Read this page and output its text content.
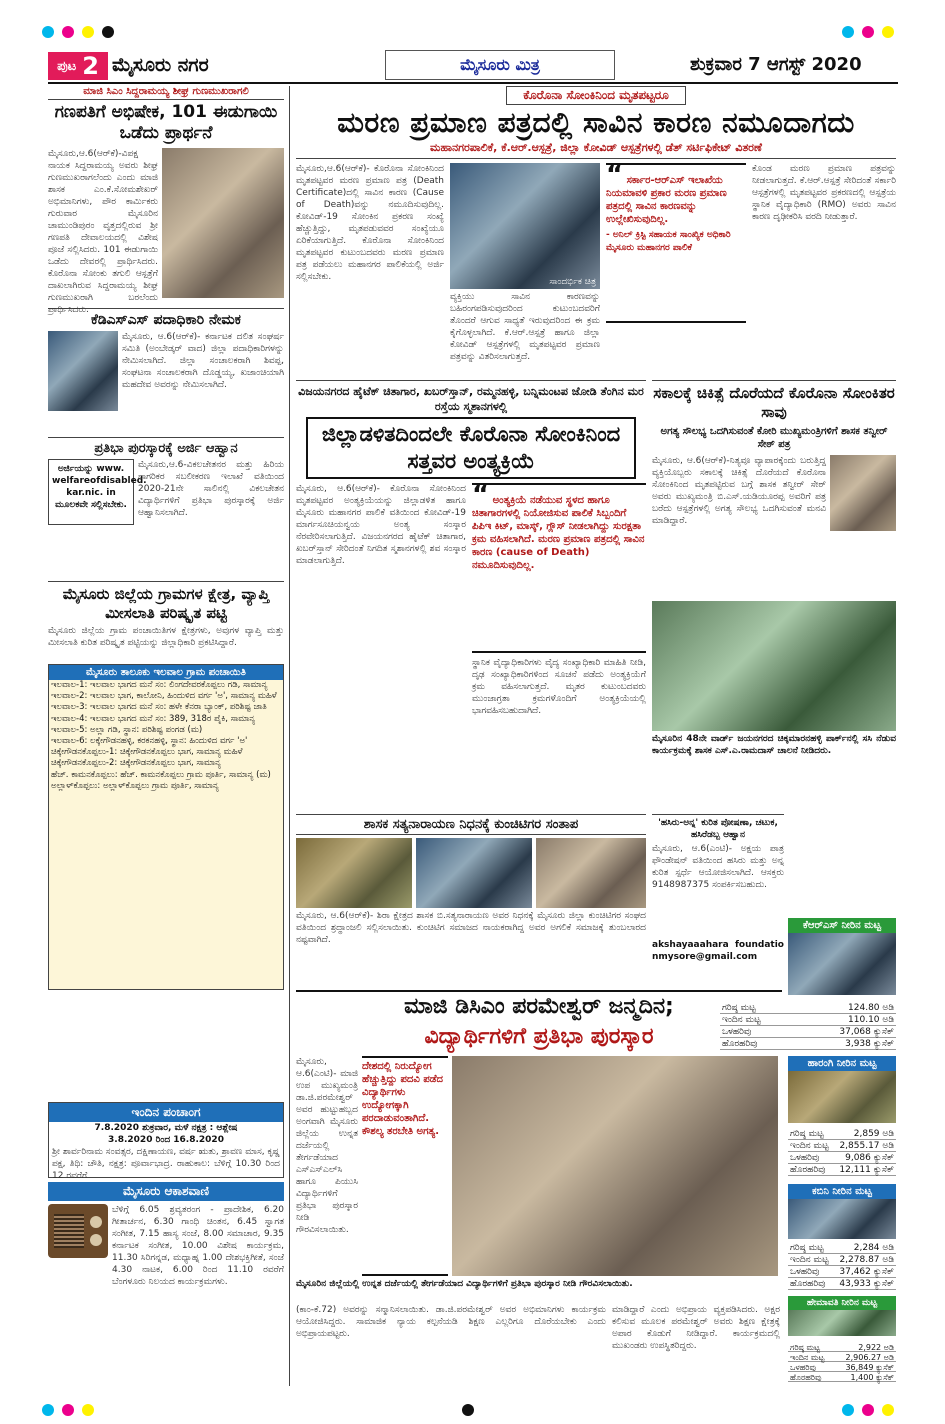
ಪುಟ 2 ಮೈಸೂರು ನಗರ	ಮೈಸೂರು ಮಿತ್ರ	ಶುಕ್ರವಾರ 7 ಆಗಸ್ಟ್ 2020
ಮಾಜಿ ಸಿಎಂ ಸಿದ್ದರಾಮಯ್ಯ ಶೀಘ್ರ ಗುಣಮುಖರಾಗಲಿ
ಗಣಪತಿಗೆ ಅಭಿಷೇಕ, 101 ಈಡುಗಾಯಿ ಒಡೆದು ಪ್ರಾರ್ಥನೆ
ಮೈಸೂರು,ಆ.6(ಆರ್‌ಕೆ)-ವಿಪಕ್ಷ ನಾಯಕ ಸಿದ್ದರಾಮಯ್ಯ ಅವರು ಶೀಘ್ರ ಗುಣಮುಖರಾಗಲೆಂದು ಎಂದು ಮಾಜಿ ಶಾಸಕ ಎಂ.ಕೆ.ಸೋಮಶೇಖರ್ ಅಭಿಮಾನಿಗಳು, ಪೌರ ಕಾರ್ಮಿಕರು ಗುರುವಾರ ಮೈಸೂರಿನ ಚಾಮುಂಡಿಪುರಂ ವೃತ್ತದಲ್ಲಿರುವ ಶ್ರೀ ಗಣಪತಿ ದೇವಾಲಯದಲ್ಲಿ ವಿಶೇಷ ಪೂಜೆ ಸಲ್ಲಿಸಿದರು. 101 ಈಡುಗಾಯಿ ಒಡೆದು ದೇವರಲ್ಲಿ ಪ್ರಾರ್ಥಿಸಿದರು. ಕೊರೊನಾ ಸೋಂಕು ತಗುಲಿ ಆಸ್ಪತ್ರೆಗೆ ದಾಖಲಾಗಿರುವ ಸಿದ್ದರಾಮಯ್ಯ ಶೀಘ್ರ ಗುಣಮುಖರಾಗಿ ಬರಲೆಂದು ಪ್ರಾರ್ಥಿಸಿದರು.
ಕೆಡಿಎಸ್‌ಎಸ್ ಪದಾಧಿಕಾರಿ ನೇಮಕ
ಮೈಸೂರು, ಆ.6(ಆರ್‌ಕೆ)- ಕರ್ನಾಟಕ ದಲಿತ ಸಂಘರ್ಷ ಸಮಿತಿ (ಅಂಬೇಡ್ಕರ್ ವಾದ) ಜಿಲ್ಲಾ ಪದಾಧಿಕಾರಿಗಳನ್ನು ನೇಮಿಸಲಾಗಿದೆ. ಜಿಲ್ಲಾ ಸಂಚಾಲಕರಾಗಿ ಶಿವಪ್ಪ, ಸಂಘಟನಾ ಸಂಚಾಲಕರಾಗಿ ದೊಡ್ಡಯ್ಯ, ಖಜಾಂಚಿಯಾಗಿ ಮಹದೇವ ಅವರನ್ನು ನೇಮಿಸಲಾಗಿದೆ.
ಪ್ರತಿಭಾ ಪುರಸ್ಕಾರಕ್ಕೆ ಅರ್ಜಿ ಆಹ್ವಾನ
ಅರ್ಜಿಯನ್ನು www. welfareofdisabled. kar.nic. in ಮೂಲಕವೇ ಸಲ್ಲಿಸಬೇಕು.
ಮೈಸೂರು,ಆ.6-ವಿಕಲಚೇತನರ ಮತ್ತು ಹಿರಿಯ ನಾಗರಿಕರ ಸಬಲೀಕರಣ ಇಲಾಖೆ ವತಿಯಿಂದ 2020-21ನೇ ಸಾಲಿನಲ್ಲಿ ವಿಕಲಚೇತನ ವಿದ್ಯಾರ್ಥಿಗಳಿಗೆ ಪ್ರತಿಭಾ ಪುರಸ್ಕಾರಕ್ಕೆ ಅರ್ಜಿ ಆಹ್ವಾನಿಸಲಾಗಿದೆ.
ಮೈಸೂರು ಜಿಲ್ಲೆಯ ಗ್ರಾಮಗಳ ಕ್ಷೇತ್ರ, ವ್ಯಾಪ್ತಿ ಮೀಸಲಾತಿ ಪರಿಷ್ಕೃತ ಪಟ್ಟಿ
ಮೈಸೂರು ಜಿಲ್ಲೆಯ ಗ್ರಾಮ ಪಂಚಾಯಿತಿಗಳ ಕ್ಷೇತ್ರಗಳು, ಅವುಗಳ ವ್ಯಾಪ್ತಿ ಮತ್ತು ಮೀಸಲಾತಿ ಕುರಿತ ಪರಿಷ್ಕೃತ ಪಟ್ಟಿಯನ್ನು ಜಿಲ್ಲಾಧಿಕಾರಿ ಪ್ರಕಟಿಸಿದ್ದಾರೆ.
ಮೈಸೂರು ತಾಲೂಕು ಇಲವಾಲ ಗ್ರಾಮ ಪಂಚಾಯಿತಿ
ಇಲವಾಲ-1: ಇಲವಾಲ ಭಾಗದ ಮನೆ ಸಂ: ಲಿಂಗದೇವರಕೊಪ್ಪಲು ಗಡಿ, ಸಾಮಾನ್ಯ
ಇಲವಾಲ-2: ಇಲವಾಲ ಭಾಗ, ಕಾಲೋನಿ, ಹಿಂದುಳಿದ ವರ್ಗ 'ಅ', ಸಾಮಾನ್ಯ ಮಹಿಳೆ
ಇಲವಾಲ-3: ಇಲವಾಲ ಭಾಗದ ಮನೆ ಸಂ: ಹಳೇ ಕೆನರಾ ಬ್ಯಾಂಕ್, ಪರಿಶಿಷ್ಟ ಜಾತಿ
ಇಲವಾಲ-4: ಇಲವಾಲ ಭಾಗದ ಮನೆ ಸಂ: 389, 318ರ ಪೈಕಿ, ಸಾಮಾನ್ಯ
ಇಲವಾಲ-5: ಅಲ್ಲಾ ಗಡಿ, ಸ್ಥಾನ: ಪರಿಶಿಷ್ಟ ಪಂಗಡ (ಮ)
ಇಲವಾಲ-6: ಲಕ್ಕೇಗೌಡನಹಳ್ಳಿ, ಕರಕನಹಳ್ಳಿ, ಸ್ಥಾನ: ಹಿಂದುಳಿದ ವರ್ಗ 'ಅ'
ಚಿಕ್ಕೇಗೌಡನಕೊಪ್ಪಲು-1: ಚಿಕ್ಕೇಗೌಡನಕೊಪ್ಪಲು ಭಾಗ, ಸಾಮಾನ್ಯ ಮಹಿಳೆ
ಚಿಕ್ಕೇಗೌಡನಕೊಪ್ಪಲು-2: ಚಿಕ್ಕೇಗೌಡನಕೊಪ್ಪಲು ಭಾಗ, ಸಾಮಾನ್ಯ
ಹೆಚ್. ಕಾಮನಕೊಪ್ಪಲು: ಹೆಚ್. ಕಾಮನಕೊಪ್ಪಲು ಗ್ರಾಮ ಪೂರ್ತಿ, ಸಾಮಾನ್ಯ (ಮ)
ಅಲ್ಲಾಳ್‌ಕೊಪ್ಪಲು: ಅಲ್ಲಾಳ್‌ಕೊಪ್ಪಲು ಗ್ರಾಮ ಪೂರ್ತಿ, ಸಾಮಾನ್ಯ
ಇಂದಿನ ಪಂಚಾಂಗ
7.8.2020 ಶುಕ್ರವಾರ, ಮಳೆ ನಕ್ಷತ್ರ : ಆಶ್ಲೇಷ
3.8.2020 ರಿಂದ 16.8.2020
ಶ್ರೀ ಶಾರ್ವರಿನಾಮ ಸಂವತ್ಸರ, ದಕ್ಷಿಣಾಯಣ, ವರ್ಷ ಋತು, ಶ್ರಾವಣ ಮಾಸ, ಕೃಷ್ಣ ಪಕ್ಷ, ತಿಥಿ: ಚೌತಿ, ನಕ್ಷತ್ರ: ಪೂರ್ವಾಭಾದ್ರ. ರಾಹುಕಾಲ: ಬೆಳಿಗ್ಗೆ 10.30 ರಿಂದ 12 ರವರೆಗೆ
ಮೈಸೂರು ಆಕಾಶವಾಣಿ
ಬೆಳಿಗ್ಗೆ 6.05 ಶ್ರವ್ಯತರಂಗ - ಪ್ರಾದೇಶಿಕ, 6.20 ಗೀತಾರ್ಚನ, 6.30 ಗಾಂಧಿ ಚಿಂತನ, 6.45 ಸ್ವಾಗತ ಸಂಗೀತ, 7.15 ಹಾಸ್ಯ ಸಂಜೆ, 8.00 ಸಮಾಚಾರ, 9.35 ಕರ್ನಾಟಕ ಸಂಗೀತ, 10.00 ವಿಶೇಷ ಕಾರ್ಯಕ್ರಮ, 11.30 ಸಿರಿಗನ್ನಡ, ಮಧ್ಯಾಹ್ನ 1.00 ದೇಶಭಕ್ತಿಗೀತೆ, ಸಂಜೆ 4.30 ನಾಟಕ, 6.00 ರಿಂದ 11.10 ರವರೆಗೆ ಬೆಂಗಳೂರು ನಿಲಯದ ಕಾರ್ಯಕ್ರಮಗಳು.
ಕೊರೊನಾ ಸೋಂಕಿನಿಂದ ಮೃತಪಟ್ಟರೂ
ಮರಣ ಪ್ರಮಾಣ ಪತ್ರದಲ್ಲಿ ಸಾವಿನ ಕಾರಣ ನಮೂದಾಗದು
ಮಹಾನಗರಪಾಲಿಕೆ, ಕೆ.ಆರ್.ಆಸ್ಪತ್ರೆ, ಜಿಲ್ಲಾ ಕೋವಿಡ್ ಆಸ್ಪತ್ರೆಗಳಲ್ಲಿ ಡೆತ್ ಸರ್ಟಿಫಿಕೇಟ್ ವಿತರಣೆ
ಮೈಸೂರು,ಆ.6(ಆರ್‌ಕೆ)- ಕೊರೊನಾ ಸೋಂಕಿನಿಂದ ಮೃತಪಟ್ಟವರ ಮರಣ ಪ್ರಮಾಣ ಪತ್ರ (Death Certificate)ದಲ್ಲಿ ಸಾವಿನ ಕಾರಣ (Cause of Death)ವನ್ನು ನಮೂದಿಸುವುದಿಲ್ಲ. ಕೋವಿಡ್-19 ಸೋಂಕಿನ ಪ್ರಕರಣ ಸಂಖ್ಯೆ ಹೆಚ್ಚುತ್ತಿದ್ದು, ಮೃತಪಡುವವರ ಸಂಖ್ಯೆಯೂ ಏರಿಕೆಯಾಗುತ್ತಿದೆ. ಕೊರೊನಾ ಸೋಂಕಿನಿಂದ ಮೃತಪಟ್ಟವರ ಕುಟುಂಬದವರು ಮರಣ ಪ್ರಮಾಣ ಪತ್ರ ಪಡೆಯಲು ಮಹಾನಗರ ಪಾಲಿಕೆಯಲ್ಲಿ ಅರ್ಜಿ ಸಲ್ಲಿಸಬೇಕು.	ಸಾಂದರ್ಭಿಕ ಚಿತ್ರ
ವ್ಯಕ್ತಿಯು ಸಾವಿನ ಕಾರಣವನ್ನು ಬಹಿರಂಗಪಡಿಸುವುದರಿಂದ ಕುಟುಂಬದವರಿಗೆ ತೊಂದರೆ ಆಗುವ ಸಾಧ್ಯತೆ ಇರುವುದರಿಂದ ಈ ಕ್ರಮ ಕೈಗೊಳ್ಳಲಾಗಿದೆ. ಕೆ.ಆರ್.ಆಸ್ಪತ್ರೆ ಹಾಗೂ ಜಿಲ್ಲಾ ಕೋವಿಡ್ ಆಸ್ಪತ್ರೆಗಳಲ್ಲಿ ಮೃತಪಟ್ಟವರ ಪ್ರಮಾಣ ಪತ್ರವನ್ನು ವಿತರಿಸಲಾಗುತ್ತದೆ.
“ ಸರ್ಕಾರ-ಆರ್‌ಎಸ್ ಇಲಾಖೆಯ ನಿಯಮಾವಳಿ ಪ್ರಕಾರ ಮರಣ ಪ್ರಮಾಣ ಪತ್ರದಲ್ಲಿ ಸಾವಿನ ಕಾರಣವನ್ನು ಉಲ್ಲೇಖಿಸುವುದಿಲ್ಲ.
- ಅನಿಲ್ ಕ್ರಿಸ್ಟಿ ಸಹಾಯಕ ಸಾಂಖ್ಯಿಕ ಅಧಿಕಾರಿ ಮೈಸೂರು ಮಹಾನಗರ ಪಾಲಿಕೆ
ಕೊಂಡ ಮರಣ ಪ್ರಮಾಣ ಪತ್ರವನ್ನು ನೀಡಲಾಗುತ್ತದೆ. ಕೆ.ಆರ್.ಆಸ್ಪತ್ರೆ ಸೇರಿದಂತೆ ಸರ್ಕಾರಿ ಆಸ್ಪತ್ರೆಗಳಲ್ಲಿ ಮೃತಪಟ್ಟವರ ಪ್ರಕರಣದಲ್ಲಿ ಆಸ್ಪತ್ರೆಯ ಸ್ಥಾನಿಕ ವೈದ್ಯಾಧಿಕಾರಿ (RMO) ಅವರು ಸಾವಿನ ಕಾರಣ ದೃಢೀಕರಿಸಿ ವರದಿ ನೀಡುತ್ತಾರೆ.
ವಿಜಯನಗರದ ಹೈಟೆಕ್ ಚಿತಾಗಾರ, ಖಬರ್‌ಸ್ತಾನ್, ರಮ್ಮನಹಳ್ಳಿ, ಬನ್ನಿಮಂಟಪ ಜೋಡಿ ತೆಂಗಿನ ಮರ ರಸ್ತೆಯ ಸ್ಮಶಾನಗಳಲ್ಲಿ
ಜಿಲ್ಲಾಡಳಿತದಿಂದಲೇ ಕೊರೊನಾ ಸೋಂಕಿನಿಂದ ಸತ್ತವರ ಅಂತ್ಯಕ್ರಿಯೆ
ಮೈಸೂರು, ಆ.6(ಆರ್‌ಕೆ)- ಕೊರೊನಾ ಸೋಂಕಿನಿಂದ ಮೃತಪಟ್ಟವರ ಅಂತ್ಯಕ್ರಿಯೆಯನ್ನು ಜಿಲ್ಲಾಡಳಿತ ಹಾಗೂ ಮೈಸೂರು ಮಹಾನಗರ ಪಾಲಿಕೆ ವತಿಯಿಂದ ಕೋವಿಡ್-19 ಮಾರ್ಗಸೂಚಿಯನ್ವಯ ಅಂತ್ಯ ಸಂಸ್ಕಾರ ನೆರವೇರಿಸಲಾಗುತ್ತಿದೆ. ವಿಜಯನಗರದ ಹೈಟೆಕ್ ಚಿತಾಗಾರ, ಖಬರ್‌ಸ್ತಾನ್ ಸೇರಿದಂತೆ ನಿಗದಿತ ಸ್ಮಶಾನಗಳಲ್ಲಿ ಶವ ಸಂಸ್ಕಾರ ಮಾಡಲಾಗುತ್ತಿದೆ.
“ ಅಂತ್ಯಕ್ರಿಯೆ ನಡೆಯುವ ಸ್ಥಳದ ಹಾಗೂ ಚಿತಾಗಾರಗಳಲ್ಲಿ ನಿಯೋಜಿಸುವ ಪಾಲಿಕೆ ಸಿಬ್ಬಂದಿಗೆ ಪಿಪಿಇ ಕಿಟ್, ಮಾಸ್ಕ್, ಗ್ಲೌಸ್ ನೀಡಲಾಗಿದ್ದು ಸುರಕ್ಷತಾ ಕ್ರಮ ವಹಿಸಲಾಗಿದೆ. ಮರಣ ಪ್ರಮಾಣ ಪತ್ರದಲ್ಲಿ ಸಾವಿನ ಕಾರಣ (cause of Death) ನಮೂದಿಸುವುದಿಲ್ಲ.
ಸ್ಥಾನಿಕ ವೈದ್ಯಾಧಿಕಾರಿಗಳು ವೈದ್ಯ ಸಂಖ್ಯಾಧಿಕಾರಿ ಮಾಹಿತಿ ನೀಡಿ, ದೃಢ ಸಂಖ್ಯಾಧಿಕಾರಿಗಳಿಂದ ಸೂಚನೆ ಪಡೆದು ಅಂತ್ಯಕ್ರಿಯೆಗೆ ಕ್ರಮ ವಹಿಸಲಾಗುತ್ತದೆ. ಮೃತರ ಕುಟುಂಬದವರು ಮುಂಜಾಗ್ರತಾ ಕ್ರಮಗಳೊಂದಿಗೆ ಅಂತ್ಯಕ್ರಿಯೆಯಲ್ಲಿ ಭಾಗವಹಿಸಬಹುದಾಗಿದೆ.
ಸಕಾಲಕ್ಕೆ ಚಿಕಿತ್ಸೆ ದೊರೆಯದೆ ಕೊರೊನಾ ಸೋಂಕಿತರ ಸಾವು
ಅಗತ್ಯ ಸೌಲಭ್ಯ ಒದಗಿಸುವಂತೆ ಕೋರಿ ಮುಖ್ಯಮಂತ್ರಿಗಳಿಗೆ ಶಾಸಕ ತನ್ವೀರ್ ಸೇಠ್ ಪತ್ರ
ಮೈಸೂರು, ಆ.6(ಆರ್‌ಕೆ)-ನಿತ್ಯವೂ ವ್ಯಾಪಾರಕ್ಕೆಂದು ಬರುತ್ತಿದ್ದ ವ್ಯಕ್ತಿಯೊಬ್ಬರು ಸಕಾಲಕ್ಕೆ ಚಿಕಿತ್ಸೆ ದೊರೆಯದೆ ಕೊರೊನಾ ಸೋಂಕಿನಿಂದ ಮೃತಪಟ್ಟಿರುವ ಬಗ್ಗೆ ಶಾಸಕ ತನ್ವೀರ್ ಸೇಠ್ ಅವರು ಮುಖ್ಯಮಂತ್ರಿ ಬಿ.ಎಸ್.ಯಡಿಯೂರಪ್ಪ ಅವರಿಗೆ ಪತ್ರ ಬರೆದು ಆಸ್ಪತ್ರೆಗಳಲ್ಲಿ ಅಗತ್ಯ ಸೌಲಭ್ಯ ಒದಗಿಸುವಂತೆ ಮನವಿ ಮಾಡಿದ್ದಾರೆ.
ಮೈಸೂರಿನ 48ನೇ ವಾರ್ಡ್ ಜಯನಗರದ ಚಿಕ್ಕಮಾರನಹಳ್ಳಿ ಪಾರ್ಕ್‌ನಲ್ಲಿ ಸಸಿ ನೆಡುವ ಕಾರ್ಯಕ್ರಮಕ್ಕೆ ಶಾಸಕ ಎಸ್.ಎ.ರಾಮದಾಸ್ ಚಾಲನೆ ನೀಡಿದರು.
ಶಾಸಕ ಸತ್ಯನಾರಾಯಣ ನಿಧನಕ್ಕೆ ಕುಂಚಿಟಿಗರ ಸಂತಾಪ
ಮೈಸೂರು, ಆ.6(ಆರ್‌ಕೆ)- ಶಿರಾ ಕ್ಷೇತ್ರದ ಶಾಸಕ ಬಿ.ಸತ್ಯನಾರಾಯಣ ಅವರ ನಿಧನಕ್ಕೆ ಮೈಸೂರು ಜಿಲ್ಲಾ ಕುಂಚಿಟಿಗರ ಸಂಘದ ವತಿಯಿಂದ ಶ್ರದ್ಧಾಂಜಲಿ ಸಲ್ಲಿಸಲಾಯಿತು. ಕುಂಚಿಟಿಗ ಸಮಾಜದ ನಾಯಕರಾಗಿದ್ದ ಅವರ ಅಗಲಿಕೆ ಸಮಾಜಕ್ಕೆ ತುಂಬಲಾರದ ನಷ್ಟವಾಗಿದೆ.
'ಹಸಿರು-ಅನ್ನ' ಕುರಿತ ಪೋಷಣಾ, ಚಟುಕ, ಹಸಿರೆಡಬ್ಬ ಆಹ್ವಾನ
ಮೈಸೂರು, ಆ.6(ಎಂಟಿ)- ಅಕ್ಷಯ ಪಾತ್ರ ಫೌಂಡೇಷನ್ ವತಿಯಿಂದ ಹಸಿರು ಮತ್ತು ಅನ್ನ ಕುರಿತ ಸ್ಪರ್ಧೆ ಆಯೋಜಿಸಲಾಗಿದೆ. ಆಸಕ್ತರು 9148987375 ಸಂಪರ್ಕಿಸಬಹುದು.
akshayaaahara foundationmysore@gmail.com
ಮಾಜಿ ಡಿಸಿಎಂ ಪರಮೇಶ್ವರ್ ಜನ್ಮದಿನ;
ವಿದ್ಯಾರ್ಥಿಗಳಿಗೆ ಪ್ರತಿಭಾ ಪುರಸ್ಕಾರ
ಮೈಸೂರು, ಆ.6(ಎಂಟಿ)- ಮಾಜಿ ಉಪ ಮುಖ್ಯಮಂತ್ರಿ ಡಾ.ಜಿ.ಪರಮೇಶ್ವರ್ ಅವರ ಹುಟ್ಟುಹಬ್ಬದ ಅಂಗವಾಗಿ ಮೈಸೂರು ಜಿಲ್ಲೆಯ ಉನ್ನತ ದರ್ಜೆಯಲ್ಲಿ ತೇರ್ಗಡೆಯಾದ ಎಸ್‌ಎಸ್‌ಎಲ್‌ಸಿ ಹಾಗೂ ಪಿಯುಸಿ ವಿದ್ಯಾರ್ಥಿಗಳಿಗೆ ಪ್ರತಿಭಾ ಪುರಸ್ಕಾರ ನೀಡಿ ಗೌರವಿಸಲಾಯಿತು.
ದೇಶದಲ್ಲಿ ನಿರುದ್ಯೋಗ ಹೆಚ್ಚುತ್ತಿದ್ದು ಪದವಿ ಪಡೆದ ವಿದ್ಯಾರ್ಥಿಗಳು ಉದ್ಯೋಗಕ್ಕಾಗಿ ಪರದಾಡುವಂತಾಗಿದೆ. ಕೌಶಲ್ಯ ತರಬೇತಿ ಅಗತ್ಯ.
ಮೈಸೂರಿನ ಜಿಲ್ಲೆಯಲ್ಲಿ ಉನ್ನತ ದರ್ಜೆಯಲ್ಲಿ ತೇರ್ಗಡೆಯಾದ ವಿದ್ಯಾರ್ಥಿಗಳಿಗೆ ಪ್ರತಿಭಾ ಪುರಸ್ಕಾರ ನೀಡಿ ಗೌರವಿಸಲಾಯಿತು.
(ಕಾಂ-ಕೆ.72) ಅವರನ್ನು ಸನ್ಮಾನಿಸಲಾಯಿತು. ಡಾ.ಜಿ.ಪರಮೇಶ್ವರ್ ಅವರ ಅಭಿಮಾನಿಗಳು ಕಾರ್ಯಕ್ರಮ ಆಯೋಜಿಸಿದ್ದರು. ಸಾಮಾಜಿಕ ನ್ಯಾಯ ಕಲ್ಪನೆಯಡಿ ಶಿಕ್ಷಣ ಎಲ್ಲರಿಗೂ ದೊರೆಯಬೇಕು ಎಂದು ಅಭಿಪ್ರಾಯಪಟ್ಟರು.
ಮಾಡಿದ್ದಾರೆ ಎಂದು ಅಭಿಪ್ರಾಯ ವ್ಯಕ್ತಪಡಿಸಿದರು. ಅಕ್ಷರ ಕಲಿಸುವ ಮೂಲಕ ಪರಮೇಶ್ವರ್ ಅವರು ಶಿಕ್ಷಣ ಕ್ಷೇತ್ರಕ್ಕೆ ಅಪಾರ ಕೊಡುಗೆ ನೀಡಿದ್ದಾರೆ. ಕಾರ್ಯಕ್ರಮದಲ್ಲಿ ಮುಖಂಡರು ಉಪಸ್ಥಿತರಿದ್ದರು.
ಕೆಆರ್‌ಎಸ್ ನೀರಿನ ಮಟ್ಟ
ಗರಿಷ್ಠ ಮಟ್ಟ	124.80 ಅಡಿ
ಇಂದಿನ ಮಟ್ಟ	110.10 ಅಡಿ
ಒಳಹರಿವು	37,068 ಕ್ಯುಸೆಕ್
ಹೊರಹರಿವು	3,938 ಕ್ಯುಸೆಕ್
ಹಾರಂಗಿ ನೀರಿನ ಮಟ್ಟ
ಗರಿಷ್ಠ ಮಟ್ಟ	2,859 ಅಡಿ
ಇಂದಿನ ಮಟ್ಟ 2,855.17 ಅಡಿ
ಒಳಹರಿವು	9,086 ಕ್ಯುಸೆಕ್
ಹೊರಹರಿವು 12,111 ಕ್ಯುಸೆಕ್
ಕಬಿನಿ ನೀರಿನ ಮಟ್ಟ
ಗರಿಷ್ಠ ಮಟ್ಟ	2,284 ಅಡಿ
ಇಂದಿನ ಮಟ್ಟ 2,278.87 ಅಡಿ
ಒಳಹರಿವು 37,462 ಕ್ಯುಸೆಕ್
ಹೊರಹರಿವು 43,933 ಕ್ಯುಸೆಕ್
ಹೇಮಾವತಿ ನೀರಿನ ಮಟ್ಟ
ಗರಿಷ್ಠ ಮಟ್ಟ	2,922 ಅಡಿ
ಇಂದಿನ ಮಟ್ಟ	2,906.27 ಅಡಿ
ಒಳಹರಿವು	36,849 ಕ್ಯುಸೆಕ್
ಹೊರಹರಿವು	1,400 ಕ್ಯುಸೆಕ್
